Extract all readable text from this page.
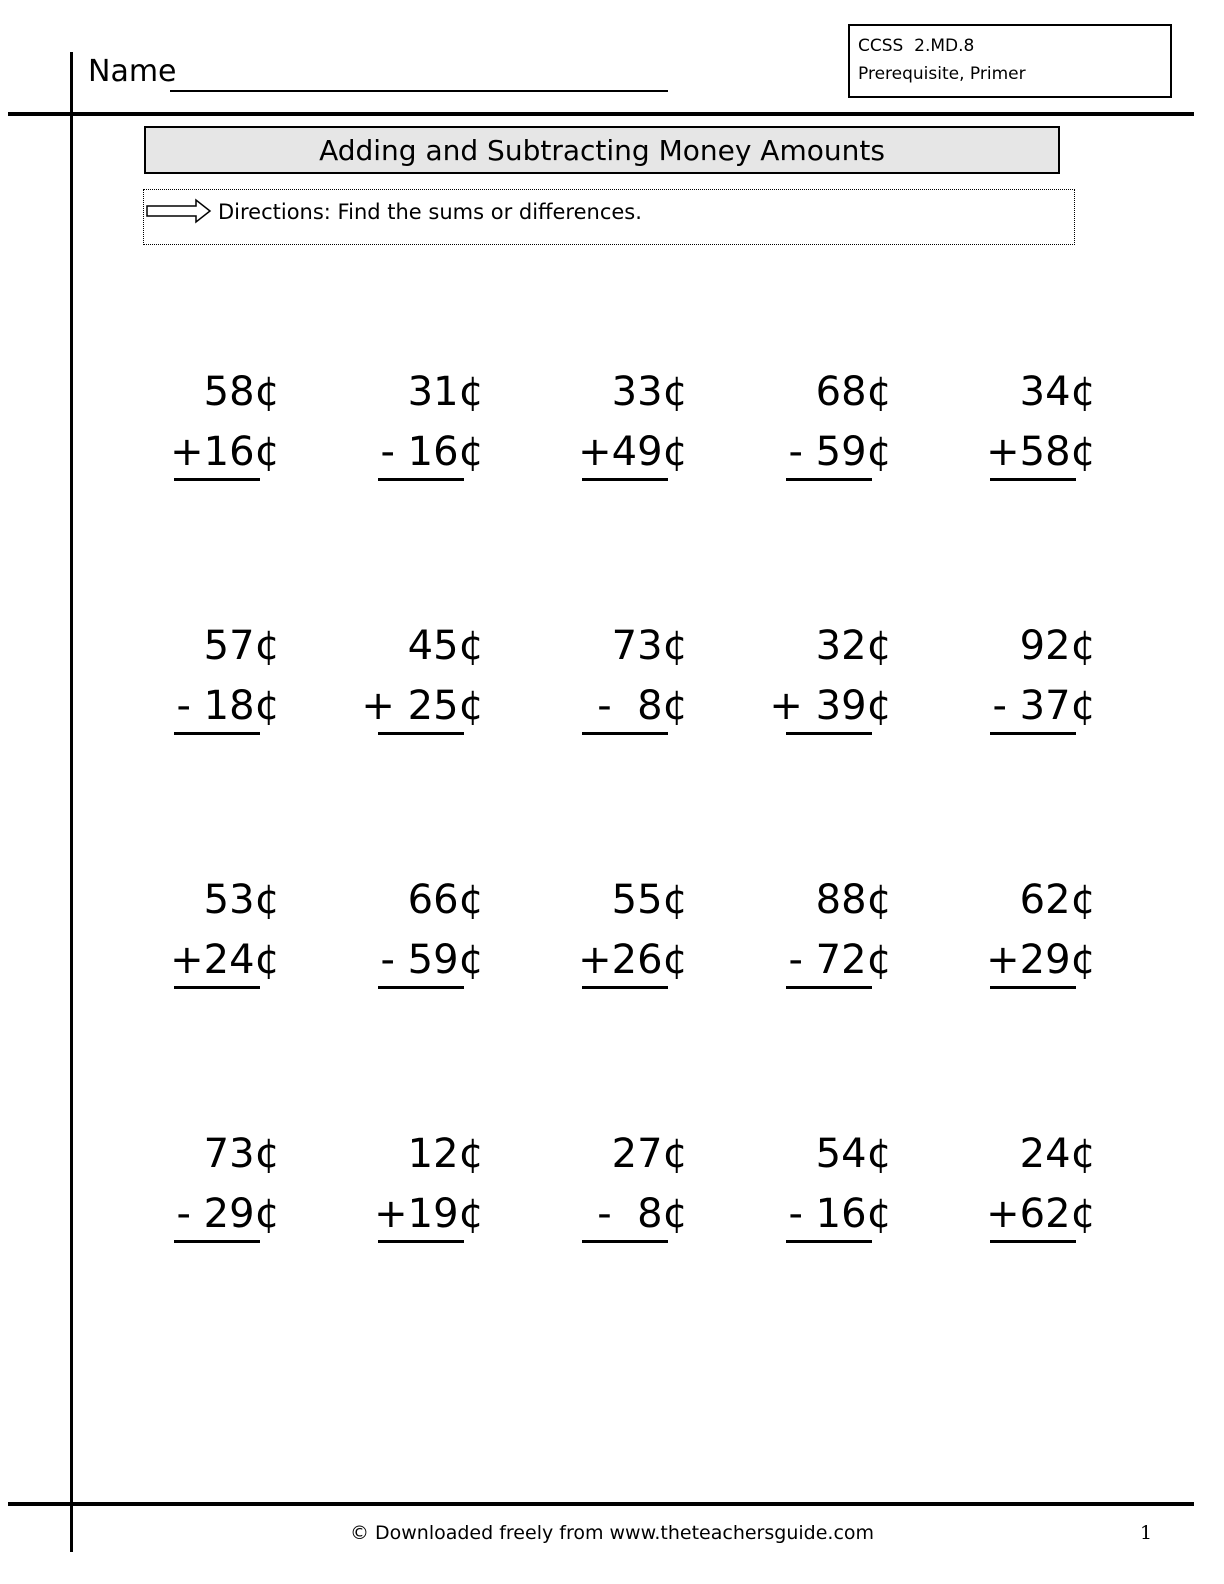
Name
CCSS  2.MD.8
Prerequisite, Primer
Adding and Subtracting Money Amounts
Directions: Find the sums or differences.
58¢
+16¢
31¢
- 16¢
33¢
+49¢
68¢
- 59¢
34¢
+58¢
57¢
- 18¢
45¢
+ 25¢
73¢
-  8¢
32¢
+ 39¢
92¢
- 37¢
53¢
+24¢
66¢
- 59¢
55¢
+26¢
88¢
- 72¢
62¢
+29¢
73¢
- 29¢
12¢
+19¢
27¢
-  8¢
54¢
- 16¢
24¢
+62¢
© Downloaded freely from www.theteachersguide.com	1
